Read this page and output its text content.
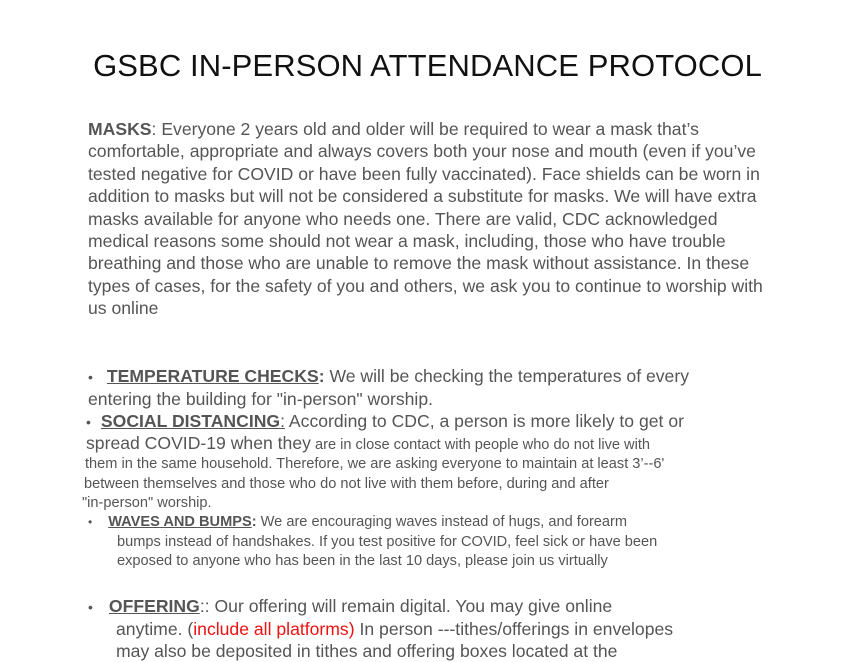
GSBC IN-PERSON ATTENDANCE PROTOCOL

MASKS: Everyone 2 years old and older will be required to wear a mask that’s comfortable, appropriate and always covers both your nose and mouth (even if you’ve tested negative for COVID or have been fully vaccinated). Face shields can be worn in addition to masks but will not be considered a substitute for masks. We will have extra masks available for anyone who needs one. There are valid, CDC acknowledged medical reasons some should not wear a mask, including, those who have trouble breathing and those who are unable to remove the mask without assistance. In these types of cases, for the safety of you and others, we ask you to continue to worship with us online

• TEMPERATURE CHECKS: We will be checking the temperatures of every
entering the building for "in-person" worship.
• SOCIAL DISTANCING: According to CDC, a person is more likely to get or
spread COVID-19 when they are in close contact with people who do not live with
them in the same household. Therefore, we are asking everyone to maintain at least 3’--6'
between themselves and those who do not live with them before, during and after
"in-person" worship.
• WAVES AND BUMPS: We are encouraging waves instead of hugs, and forearm
bumps instead of handshakes. If you test positive for COVID, feel sick or have been
exposed to anyone who has been in the last 10 days, please join us virtually
• OFFERING:: Our offering will remain digital. You may give online
anytime. (include all platforms) In person ---tithes/offerings in envelopes
may also be deposited in tithes and offering boxes located at the
